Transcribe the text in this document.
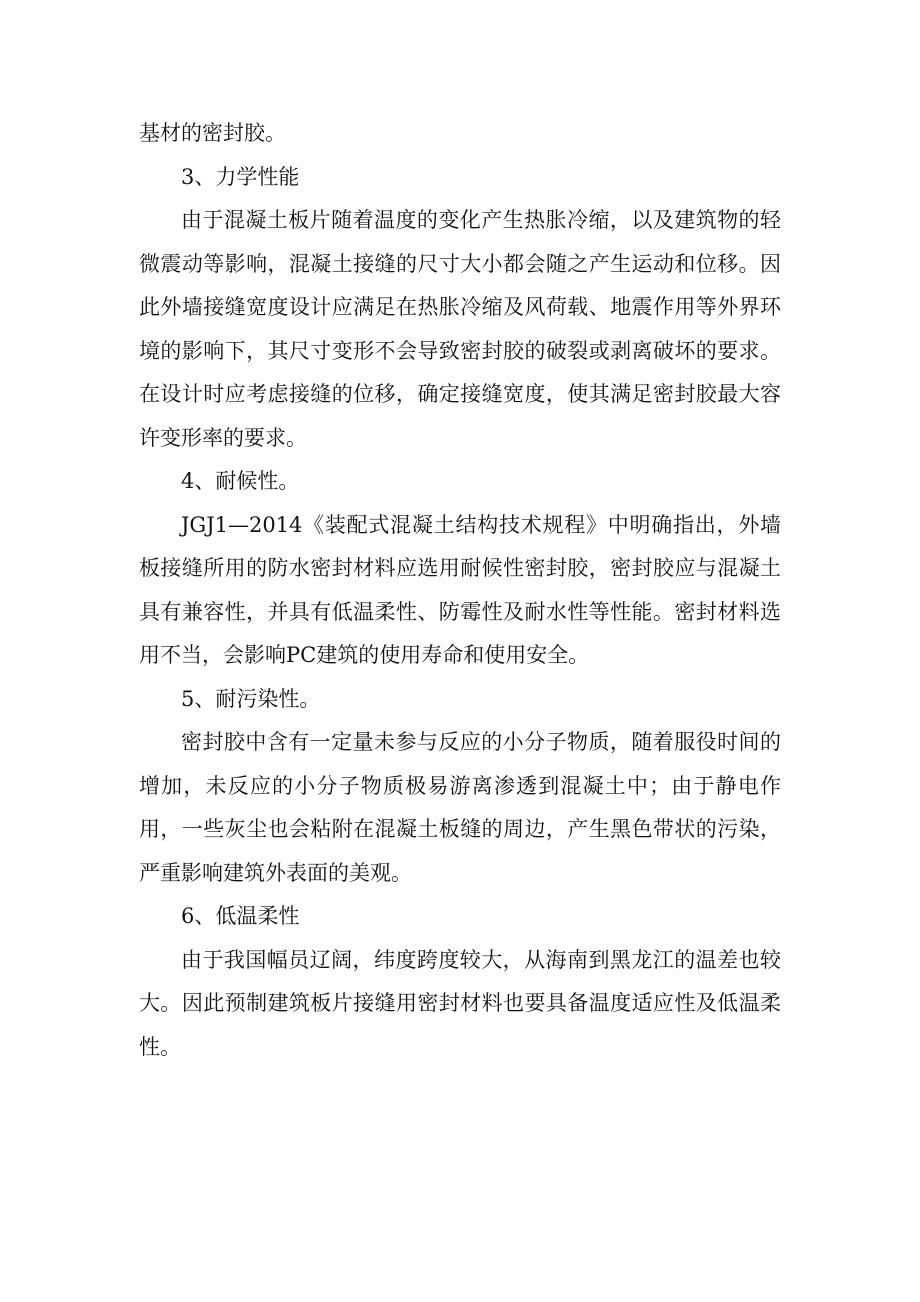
基材的密封胶。

3、力学性能

由于混凝土板片随着温度的变化产生热胀冷缩，以及建筑物的轻微震动等影响，混凝土接缝的尺寸大小都会随之产生运动和位移。因此外墙接缝宽度设计应满足在热胀冷缩及风荷载、地震作用等外界环境的影响下，其尺寸变形不会导致密封胶的破裂或剥离破坏的要求。在设计时应考虑接缝的位移，确定接缝宽度，使其满足密封胶最大容许变形率的要求。

4、耐候性。

JGJ1—2014《装配式混凝土结构技术规程》中明确指出，外墙板接缝所用的防水密封材料应选用耐候性密封胶，密封胶应与混凝土具有兼容性，并具有低温柔性、防霉性及耐水性等性能。密封材料选用不当，会影响PC建筑的使用寿命和使用安全。

5、耐污染性。

密封胶中含有一定量未参与反应的小分子物质，随着服役时间的增加，未反应的小分子物质极易游离渗透到混凝土中；由于静电作用，一些灰尘也会粘附在混凝土板缝的周边，产生黑色带状的污染，严重影响建筑外表面的美观。

6、低温柔性

由于我国幅员辽阔，纬度跨度较大，从海南到黑龙江的温差也较大。因此预制建筑板片接缝用密封材料也要具备温度适应性及低温柔性。
